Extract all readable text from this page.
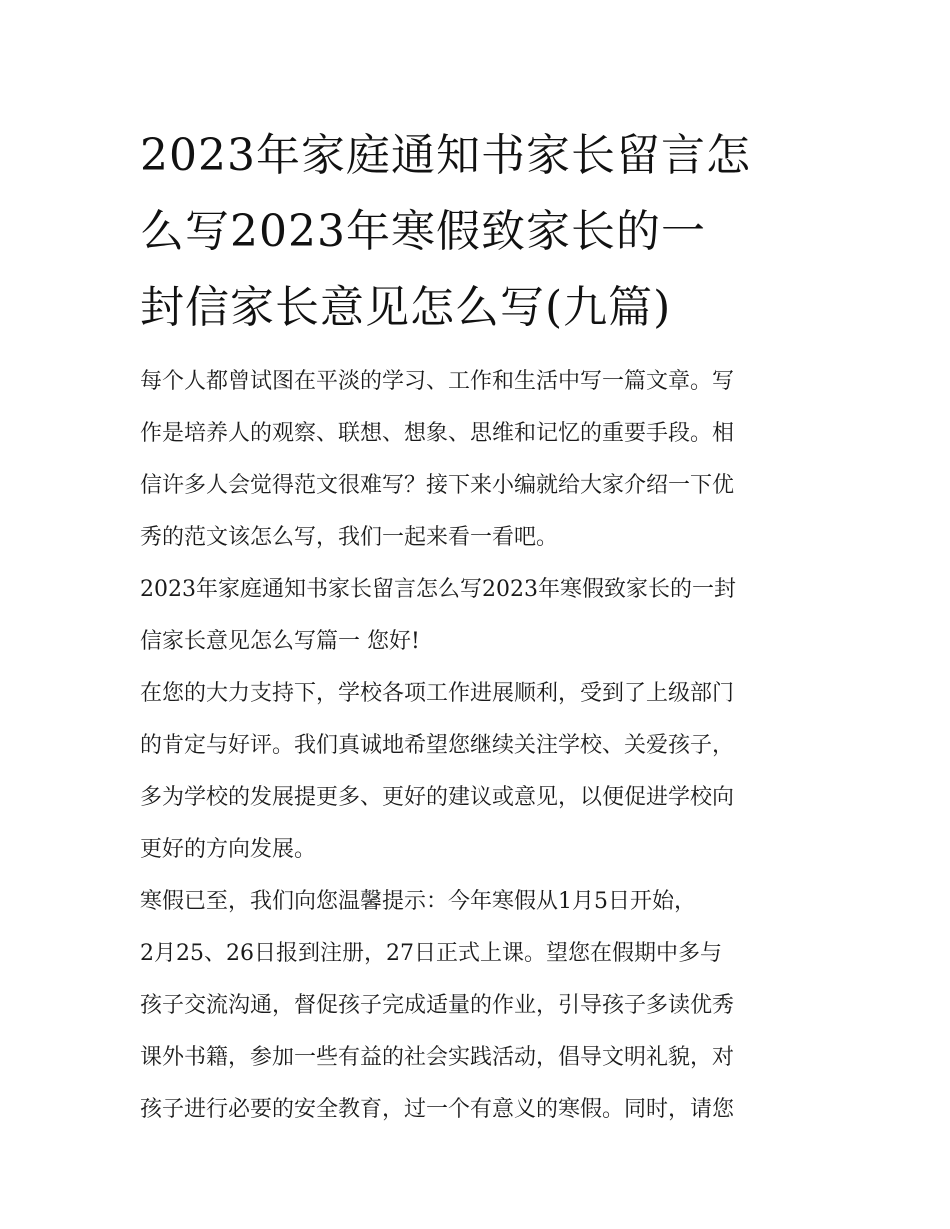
2023年家庭通知书家长留言怎
么写2023年寒假致家长的一
封信家长意见怎么写(九篇)
每个人都曾试图在平淡的学习、工作和生活中写一篇文章。写
作是培养人的观察、联想、想象、思维和记忆的重要手段。相
信许多人会觉得范文很难写？接下来小编就给大家介绍一下优
秀的范文该怎么写，我们一起来看一看吧。
2023年家庭通知书家长留言怎么写2023年寒假致家长的一封
信家长意见怎么写篇一 您好!
在您的大力支持下，学校各项工作进展顺利，受到了上级部门
的肯定与好评。我们真诚地希望您继续关注学校、关爱孩子，
多为学校的发展提更多、更好的建议或意见，以便促进学校向
更好的方向发展。
寒假已至，我们向您温馨提示：今年寒假从1月5日开始，
2月25、26日报到注册，27日正式上课。望您在假期中多与
孩子交流沟通，督促孩子完成适量的作业，引导孩子多读优秀
课外书籍，参加一些有益的社会实践活动，倡导文明礼貌，对
孩子进行必要的安全教育，过一个有意义的寒假。同时，请您
